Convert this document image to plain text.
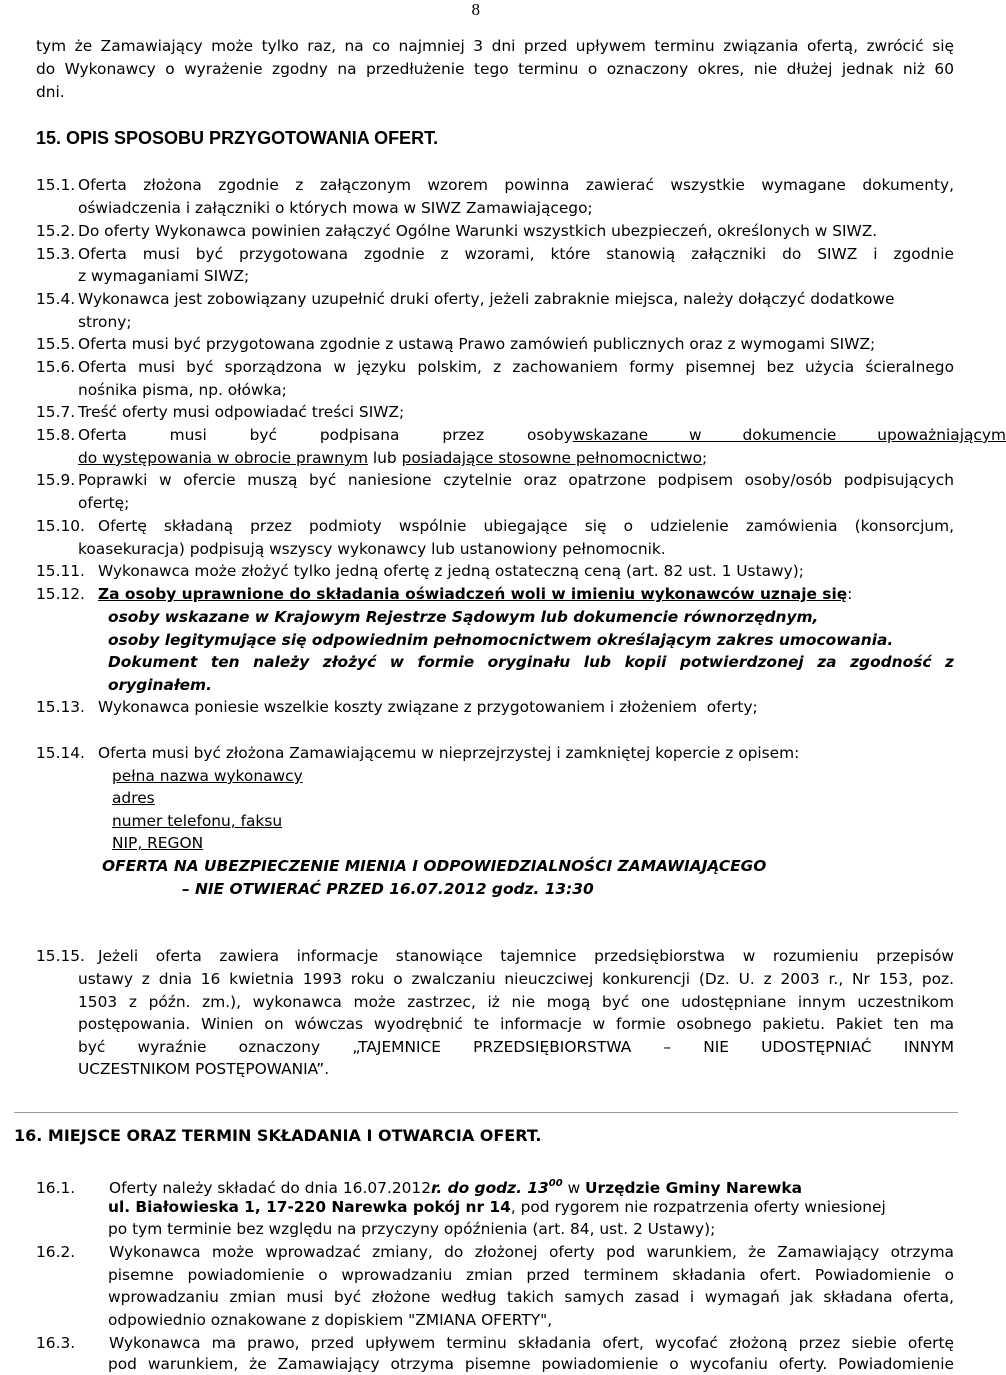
8
tym że Zamawiający może tylko raz, na co najmniej 3 dni przed upływem terminu związania ofertą, zwrócić się
do Wykonawcy o wyrażenie zgodny na przedłużenie tego terminu o oznaczony okres, nie dłużej jednak niż 60
dni.
15. OPIS SPOSOBU PRZYGOTOWANIA OFERT.
15.1. Oferta złożona zgodnie z załączonym wzorem powinna zawierać wszystkie wymagane dokumenty,
oświadczenia i załączniki o których mowa w SIWZ Zamawiającego;
15.2. Do oferty Wykonawca powinien załączyć Ogólne Warunki wszystkich ubezpieczeń, określonych w SIWZ.
15.3. Oferta musi być przygotowana zgodnie z wzorami, które stanowią załączniki do SIWZ i zgodnie
z wymaganiami SIWZ;
15.4. Wykonawca jest zobowiązany uzupełnić druki oferty, jeżeli zabraknie miejsca, należy dołączyć dodatkowe
strony;
15.5. Oferta musi być przygotowana zgodnie z ustawą Prawo zamówień publicznych oraz z wymogami SIWZ;
15.6. Oferta musi być sporządzona w języku polskim, z zachowaniem formy pisemnej bez użycia ścieralnego
nośnika pisma, np. ołówka;
15.7. Treść oferty musi odpowiadać treści SIWZ;
15.8. Oferta musi być podpisana przez osobywskazane w dokumencie upoważniającym
do występowania w obrocie prawnym lub posiadające stosowne pełnomocnictwo;
15.9. Poprawki w ofercie muszą być naniesione czytelnie oraz opatrzone podpisem osoby/osób podpisujących
ofertę;
15.10. Ofertę składaną przez podmioty wspólnie ubiegające się o udzielenie zamówienia (konsorcjum,
koasekuracja) podpisują wszyscy wykonawcy lub ustanowiony pełnomocnik.
15.11. Wykonawca może złożyć tylko jedną ofertę z jedną ostateczną ceną (art. 82 ust. 1 Ustawy);
15.12. Za osoby uprawnione do składania oświadczeń woli w imieniu wykonawców uznaje się:
osoby wskazane w Krajowym Rejestrze Sądowym lub dokumencie równorzędnym,
osoby legitymujące się odpowiednim pełnomocnictwem określającym zakres umocowania.
Dokument ten należy złożyć w formie oryginału lub kopii potwierdzonej za zgodność z
oryginałem.
15.13. Wykonawca poniesie wszelkie koszty związane z przygotowaniem i złożeniem  oferty;
15.14. Oferta musi być złożona Zamawiającemu w nieprzejrzystej i zamkniętej kopercie z opisem:
pełna nazwa wykonawcy
adres
numer telefonu, faksu
NIP, REGON
OFERTA NA UBEZPIECZENIE MIENIA I ODPOWIEDZIALNOŚCI ZAMAWIAJĄCEGO
– NIE OTWIERAĆ PRZED 16.07.2012 godz. 13:30
15.15. Jeżeli oferta zawiera informacje stanowiące tajemnice przedsiębiorstwa w rozumieniu przepisów
ustawy z dnia 16 kwietnia 1993 roku o zwalczaniu nieuczciwej konkurencji (Dz. U. z 2003 r., Nr 153, poz.
1503 z późn. zm.), wykonawca może zastrzec, iż nie mogą być one udostępniane innym uczestnikom
postępowania. Winien on wówczas wyodrębnić te informacje w formie osobnego pakietu. Pakiet ten ma
być wyraźnie oznaczony „TAJEMNICE PRZEDSIĘBIORSTWA – NIE UDOSTĘPNIAĆ INNYM
UCZESTNIKOM POSTĘPOWANIA”.
16. MIEJSCE ORAZ TERMIN SKŁADANIA I OTWARCIA OFERT.
16.1. Oferty należy składać do dnia 16.07.2012r. do godz. $13^{00}$ w Urzędzie Gminy Narewka
ul. Białowieska 1, 17-220 Narewka pokój nr 14, pod rygorem nie rozpatrzenia oferty wniesionej
po tym terminie bez względu na przyczyny opóźnienia (art. 84, ust. 2 Ustawy);
16.2. Wykonawca może wprowadzać zmiany, do złożonej oferty pod warunkiem, że Zamawiający otrzyma
pisemne powiadomienie o wprowadzaniu zmian przed terminem składania ofert. Powiadomienie o
wprowadzaniu zmian musi być złożone według takich samych zasad i wymagań jak składana oferta,
odpowiednio oznakowane z dopiskiem "ZMIANA OFERTY",
16.3. Wykonawca ma prawo, przed upływem terminu składania ofert, wycofać złożoną przez siebie ofertę
pod warunkiem, że Zamawiający otrzyma pisemne powiadomienie o wycofaniu oferty. Powiadomienie
